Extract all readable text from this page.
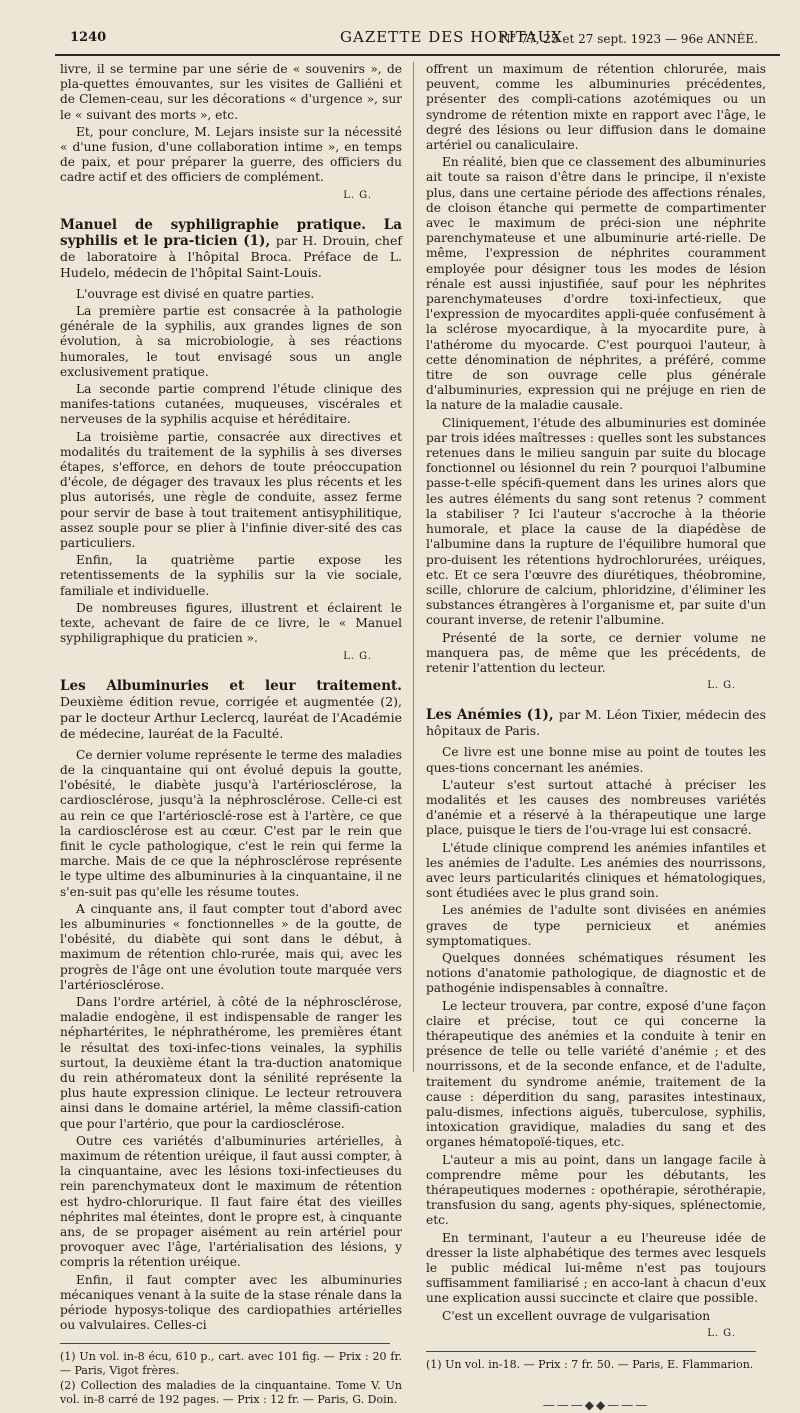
1240	GAZETTE DES HOPITAUX
N° 77, 25 et 27 sept. 1923 — 96e ANNÉE.

livre, il se termine par une série de « souvenirs », de pla-quettes émouvantes, sur les visites de Galliéni et de Clemen-ceau, sur les décorations « d'urgence », sur le « suivant des morts », etc.

Et, pour conclure, M. Lejars insiste sur la nécessité « d'une fusion, d'une collaboration intime », en temps de paix, et pour préparer la guerre, des officiers du cadre actif et des officiers de complément.

L. G.
Manuel de syphiligraphie pratique. La syphilis et le pra-ticien (1), par H. Drouin, chef de laboratoire à l'hôpital Broca. Préface de L. Hudelo, médecin de l'hôpital Saint-Louis.

L'ouvrage est divisé en quatre parties.

La première partie est consacrée à la pathologie générale de la syphilis, aux grandes lignes de son évolution, à sa microbiologie, à ses réactions humorales, le tout envisagé sous un angle exclusivement pratique.

La seconde partie comprend l'étude clinique des manifes-tations cutanées, muqueuses, viscérales et nerveuses de la syphilis acquise et héréditaire.

La troisième partie, consacrée aux directives et modalités du traitement de la syphilis à ses diverses étapes, s'efforce, en dehors de toute préoccupation d'école, de dégager des travaux les plus récents et les plus autorisés, une règle de conduite, assez ferme pour servir de base à tout traitement antisyphilitique, assez souple pour se plier à l'infinie diver-sité des cas particuliers.

Enfin, la quatrième partie expose les retentissements de la syphilis sur la vie sociale, familiale et individuelle.

De nombreuses figures, illustrent et éclairent le texte, achevant de faire de ce livre, le « Manuel syphiligraphique du praticien ».

L. G.
Les Albuminuries et leur traitement. Deuxième édition revue, corrigée et augmentée (2), par le docteur Arthur Leclercq, lauréat de l'Académie de médecine, lauréat de la Faculté.

Ce dernier volume représente le terme des maladies de la cinquantaine qui ont évolué depuis la goutte, l'obésité, le diabète jusqu'à l'artériosclérose, la cardiosclérose, jusqu'à la néphrosclérose. Celle-ci est au rein ce que l'artériosclé-rose est à l'artère, ce que la cardiosclérose est au cœur. C'est par le rein que finit le cycle pathologique, c'est le rein qui ferme la marche. Mais de ce que la néphrosclérose représente le type ultime des albuminuries à la cinquantaine, il ne s'en-suit pas qu'elle les résume toutes.

A cinquante ans, il faut compter tout d'abord avec les albuminuries « fonctionnelles » de la goutte, de l'obésité, du diabète qui sont dans le début, à maximum de rétention chlo-rurée, mais qui, avec les progrès de l'âge ont une évolution toute marquée vers l'artériosclérose.

Dans l'ordre artériel, à côté de la néphrosclérose, maladie endogène, il est indispensable de ranger les néphartérites, le néphrathérome, les premières étant le résultat des toxi-infec-tions veinales, la syphilis surtout, la deuxième étant la tra-duction anatomique du rein athéromateux dont la sénilité représente la plus haute expression clinique. Le lecteur retrouvera ainsi dans le domaine artériel, la même classifi-cation que pour l'artério, que pour la cardiosclérose.

Outre ces variétés d'albuminuries artérielles, à maximum de rétention uréique, il faut aussi compter, à la cinquantaine, avec les lésions toxi-infectieuses du rein parenchymateux dont le maximum de rétention est hydro-chlorurique. Il faut faire état des vieilles néphrites mal éteintes, dont le propre est, à cinquante ans, de se propager aisément au rein artériel pour provoquer avec l'âge, l'artérialisation des lésions, y compris la rétention uréique.

Enfin, il faut compter avec les albuminuries mécaniques venant à la suite de la stase rénale dans la période hyposys-tolique des cardiopathies artérielles ou valvulaires. Celles-ci

(1) Un vol. in-8 écu, 610 p., cart. avec 101 fig. — Prix : 20 fr. — Paris, Vigot frères.

(2) Collection des maladies de la cinquantaine. Tome V. Un vol. in-8 carré de 192 pages. — Prix : 12 fr. — Paris, G. Doin.

offrent un maximum de rétention chlorurée, mais peuvent, comme les albuminuries précédentes, présenter des compli-cations azotémiques ou un syndrome de rétention mixte en rapport avec l'âge, le degré des lésions ou leur diffusion dans le domaine artériel ou canaliculaire.

En réalité, bien que ce classement des albuminuries ait toute sa raison d'être dans le principe, il n'existe plus, dans une certaine période des affections rénales, de cloison étanche qui permette de compartimenter avec le maximum de préci-sion une néphrite parenchymateuse et une albuminurie arté-rielle. De même, l'expression de néphrites couramment employée pour désigner tous les modes de lésion rénale est aussi injustifiée, sauf pour les néphrites parenchymateuses d'ordre toxi-infectieux, que l'expression de myocardites appli-quée confusément à la sclérose myocardique, à la myocardite pure, à l'athérome du myocarde. C'est pourquoi l'auteur, à cette dénomination de néphrites, a préféré, comme titre de son ouvrage celle plus générale d'albuminuries, expression qui ne préjuge en rien de la nature de la maladie causale.

Cliniquement, l'étude des albuminuries est dominée par trois idées maîtresses : quelles sont les substances retenues dans le milieu sanguin par suite du blocage fonctionnel ou lésionnel du rein ? pourquoi l'albumine passe-t-elle spécifi-quement dans les urines alors que les autres éléments du sang sont retenus ? comment la stabiliser ? Ici l'auteur s'accroche à la théorie humorale, et place la cause de la diapédèse de l'albumine dans la rupture de l'équilibre humoral que pro-duisent les rétentions hydrochlorurées, uréiques, etc. Et ce sera l'œuvre des diurétiques, théobromine, scille, chlorure de calcium, phloridzine, d'éliminer les substances étrangères à l'organisme et, par suite d'un courant inverse, de retenir l'albumine.

Présenté de la sorte, ce dernier volume ne manquera pas, de même que les précédents, de retenir l'attention du lecteur.

L. G.
Les Anémies (1), par M. Léon Tixier, médecin des hôpitaux de Paris.

Ce livre est une bonne mise au point de toutes les ques-tions concernant les anémies.

L'auteur s'est surtout attaché à préciser les modalités et les causes des nombreuses variétés d'anémie et a réservé à la thérapeutique une large place, puisque le tiers de l'ou-vrage lui est consacré.

L'étude clinique comprend les anémies infantiles et les anémies de l'adulte. Les anémies des nourrissons, avec leurs particularités cliniques et hématologiques, sont étudiées avec le plus grand soin.

Les anémies de l'adulte sont divisées en anémies graves de type pernicieux et anémies symptomatiques.

Quelques données schématiques résument les notions d'anatomie pathologique, de diagnostic et de pathogénie indispensables à connaître.

Le lecteur trouvera, par contre, exposé d'une façon claire et précise, tout ce qui concerne la thérapeutique des anémies et la conduite à tenir en présence de telle ou telle variété d'anémie ; et des nourrissons, et de la seconde enfance, et de l'adulte, traitement du syndrome anémie, traitement de la cause : déperdition du sang, parasites intestinaux, palu-dismes, infections aiguës, tuberculose, syphilis, intoxication gravidique, maladies du sang et des organes hématopoïé-tiques, etc.

L'auteur a mis au point, dans un langage facile à comprendre même pour les débutants, les thérapeutiques modernes : opothérapie, sérothérapie, transfusion du sang, agents phy-siques, splénectomie, etc.

En terminant, l'auteur a eu l'heureuse idée de dresser la liste alphabétique des termes avec lesquels le public médical lui-même n'est pas toujours suffisamment familiarisé ; en acco-lant à chacun d'eux une explication aussi succincte et claire que possible.

C'est un excellent ouvrage de vulgarisation

L. G.

(1) Un vol. in-18. — Prix : 7 fr. 50. — Paris, E. Flammarion.

———◆◆———
